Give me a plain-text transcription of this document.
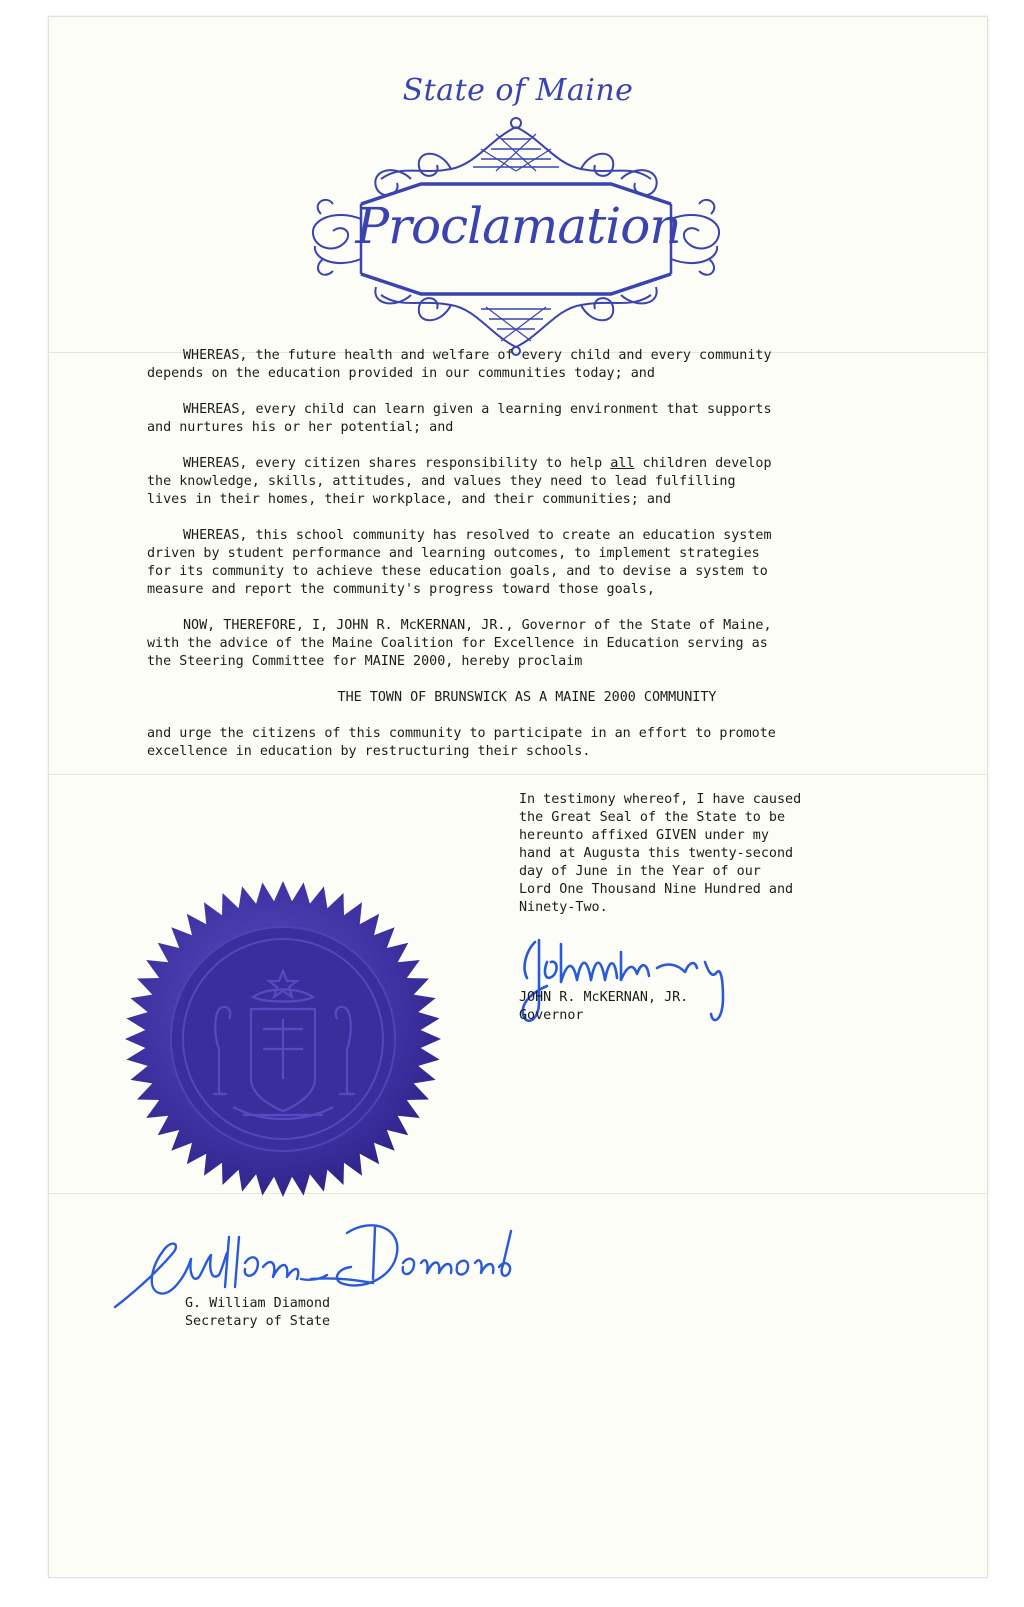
State of Maine
Proclamation
WHEREAS, the future health and welfare of every child and every community
depends on the education provided in our communities today; and
WHEREAS, every child can learn given a learning environment that supports
and nurtures his or her potential; and
WHEREAS, every citizen shares responsibility to help all children develop
the knowledge, skills, attitudes, and values they need to lead fulfilling
lives in their homes, their workplace, and their communities; and
WHEREAS, this school community has resolved to create an education system
driven by student performance and learning outcomes, to implement strategies
for its community to achieve these education goals, and to devise a system to
measure and report the community's progress toward those goals,
NOW, THEREFORE, I, JOHN R. McKERNAN, JR., Governor of the State of Maine,
with the advice of the Maine Coalition for Excellence in Education serving as
the Steering Committee for MAINE 2000, hereby proclaim
THE TOWN OF BRUNSWICK AS A MAINE 2000 COMMUNITY
and urge the citizens of this community to participate in an effort to promote
excellence in education by restructuring their schools.
In testimony whereof, I have caused
the Great Seal of the State to be
hereunto affixed GIVEN under my
hand at Augusta this twenty-second
day of June in the Year of our
Lord One Thousand Nine Hundred and
Ninety-Two.
JOHN R. McKERNAN, JR.
Governor
G. William Diamond
Secretary of State
